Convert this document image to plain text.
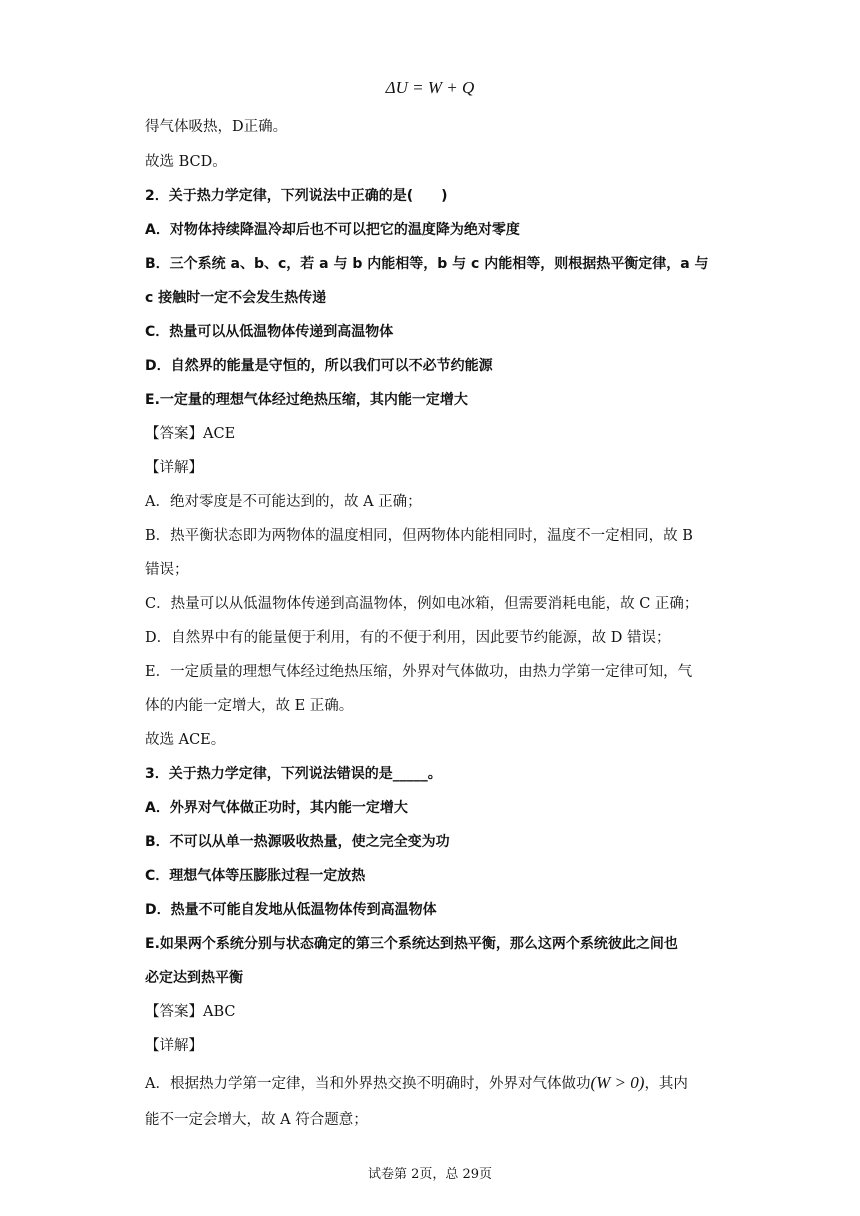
ΔU = W + Q
得气体吸热，D正确。
故选 BCD。
2．关于热力学定律，下列说法中正确的是(　　)
A．对物体持续降温冷却后也不可以把它的温度降为绝对零度
B．三个系统 a、b、c，若 a 与 b 内能相等，b 与 c 内能相等，则根据热平衡定律，a 与
c 接触时一定不会发生热传递
C．热量可以从低温物体传递到高温物体
D．自然界的能量是守恒的，所以我们可以不必节约能源
E.一定量的理想气体经过绝热压缩，其内能一定增大
【答案】ACE
【详解】
A．绝对零度是不可能达到的，故 A 正确；
B．热平衡状态即为两物体的温度相同，但两物体内能相同时，温度不一定相同，故 B
错误；
C．热量可以从低温物体传递到高温物体，例如电冰箱，但需要消耗电能，故 C 正确；
D．自然界中有的能量便于利用，有的不便于利用，因此要节约能源，故 D 错误；
E．一定质量的理想气体经过绝热压缩，外界对气体做功，由热力学第一定律可知，气
体的内能一定增大，故 E 正确。
故选 ACE。
3．关于热力学定律，下列说法错误的是_____。
A．外界对气体做正功时，其内能一定增大
B．不可以从单一热源吸收热量，使之完全变为功
C．理想气体等压膨胀过程一定放热
D．热量不可能自发地从低温物体传到高温物体
E.如果两个系统分别与状态确定的第三个系统达到热平衡，那么这两个系统彼此之间也
必定达到热平衡
【答案】ABC
【详解】
A．根据热力学第一定律，当和外界热交换不明确时，外界对气体做功(W > 0)，其内
能不一定会增大，故 A 符合题意；
试卷第 2页，总 29页
